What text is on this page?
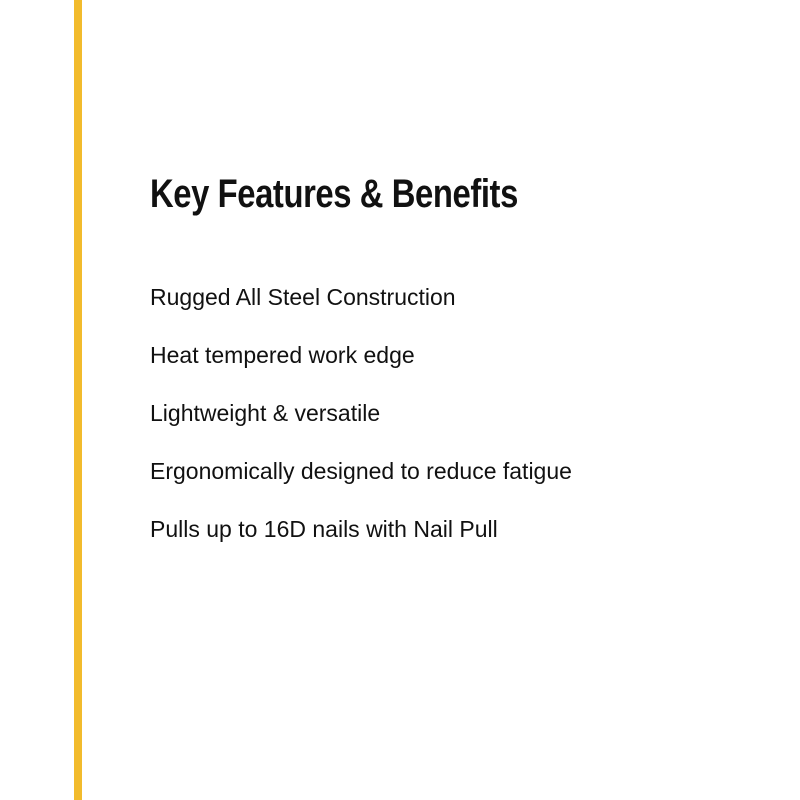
Key Features & Benefits
Rugged All Steel Construction
Heat tempered work edge
Lightweight & versatile
Ergonomically designed to reduce fatigue
Pulls up to 16D nails with Nail Pull
